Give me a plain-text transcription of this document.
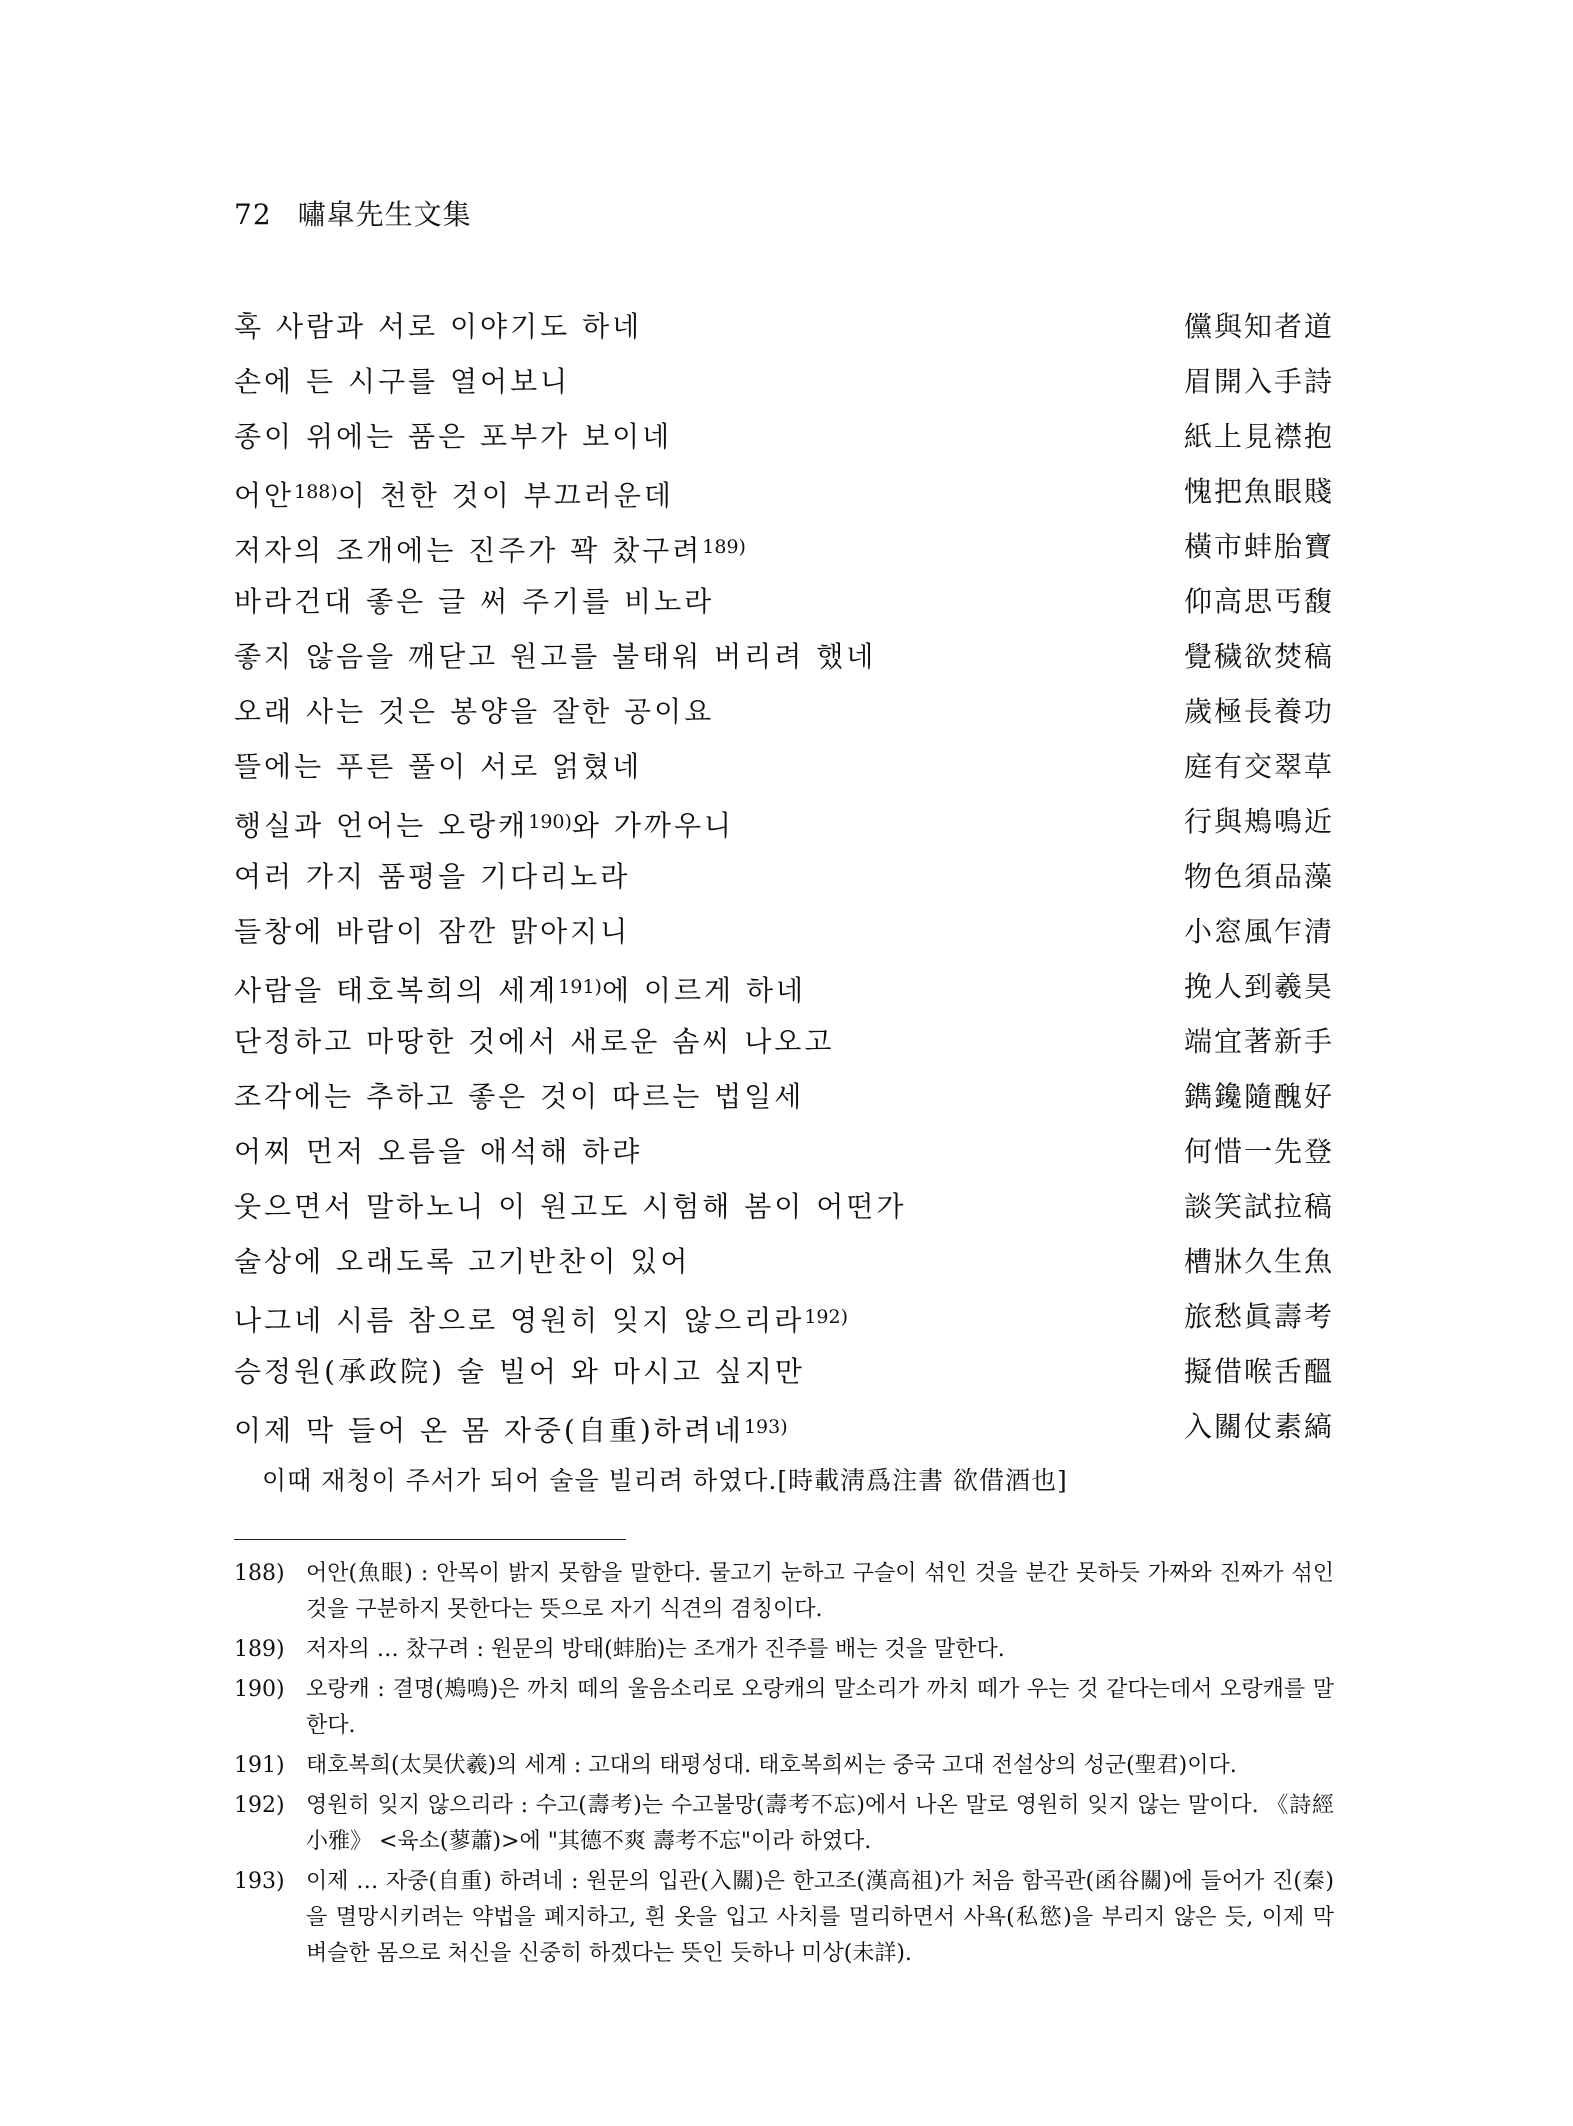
72 嘯皐先生文集
혹 사람과 서로 이야기도 하네	儻與知者道
손에 든 시구를 열어보니	眉開入手詩
종이 위에는 품은 포부가 보이네	紙上見襟抱
어안$^{188)}$이 천한 것이 부끄러운데	愧把魚眼賤
저자의 조개에는 진주가 꽉 찼구려$^{189)}$	橫市蚌胎寶
바라건대 좋은 글 써 주기를 비노라	仰高思丐馥
좋지 않음을 깨닫고 원고를 불태워 버리려 했네	覺穢欲焚稿
오래 사는 것은 봉양을 잘한 공이요	歲極長養功
뜰에는 푸른 풀이 서로 얽혔네	庭有交翠草
행실과 언어는 오랑캐$^{190)}$와 가까우니	行與鴂鳴近
여러 가지 품평을 기다리노라	物色須品藻
들창에 바람이 잠깐 맑아지니	小窓風乍清
사람을 태호복희의 세계$^{191)}$에 이르게 하네	挽人到羲昊
단정하고 마땅한 것에서 새로운 솜씨 나오고	端宜著新手
조각에는 추하고 좋은 것이 따르는 법일세	鐫鑱隨醜好
어찌 먼저 오름을 애석해 하랴	何惜一先登
웃으면서 말하노니 이 원고도 시험해 봄이 어떤가	談笑試拉稿
술상에 오래도록 고기반찬이 있어	槽牀久生魚
나그네 시름 참으로 영원히 잊지 않으리라$^{192)}$	旅愁眞壽考
승정원(承政院) 술 빌어 와 마시고 싶지만	擬借喉舌醞
이제 막 들어 온 몸 자중(自重)하려네$^{193)}$	入關仗素縞
이때 재청이 주서가 되어 술을 빌리려 하였다.[時載淸爲注書 欲借酒也]
188) 어안(魚眼) : 안목이 밝지 못함을 말한다. 물고기 눈하고 구슬이 섞인 것을 분간 못하듯 가짜와 진짜가 섞인 것을 구분하지 못한다는 뜻으로 자기 식견의 겸칭이다.
189) 저자의 … 찼구려 : 원문의 방태(蚌胎)는 조개가 진주를 배는 것을 말한다.
190) 오랑캐 : 결명(鴂鳴)은 까치 떼의 울음소리로 오랑캐의 말소리가 까치 떼가 우는 것 같다는데서 오랑캐를 말한다.
191) 태호복희(太昊伏羲)의 세계 : 고대의 태평성대. 태호복희씨는 중국 고대 전설상의 성군(聖君)이다.
192) 영원히 잊지 않으리라 : 수고(壽考)는 수고불망(壽考不忘)에서 나온 말로 영원히 잊지 않는 말이다. 《詩經 小雅》 <육소(蓼蕭)>에 "其德不爽 壽考不忘"이라 하였다.
193) 이제 … 자중(自重) 하려네 : 원문의 입관(入關)은 한고조(漢高祖)가 처음 함곡관(函谷關)에 들어가 진(秦)을 멸망시키려는 약법을 폐지하고, 흰 옷을 입고 사치를 멀리하면서 사욕(私慾)을 부리지 않은 듯, 이제 막 벼슬한 몸으로 처신을 신중히 하겠다는 뜻인 듯하나 미상(未詳).
